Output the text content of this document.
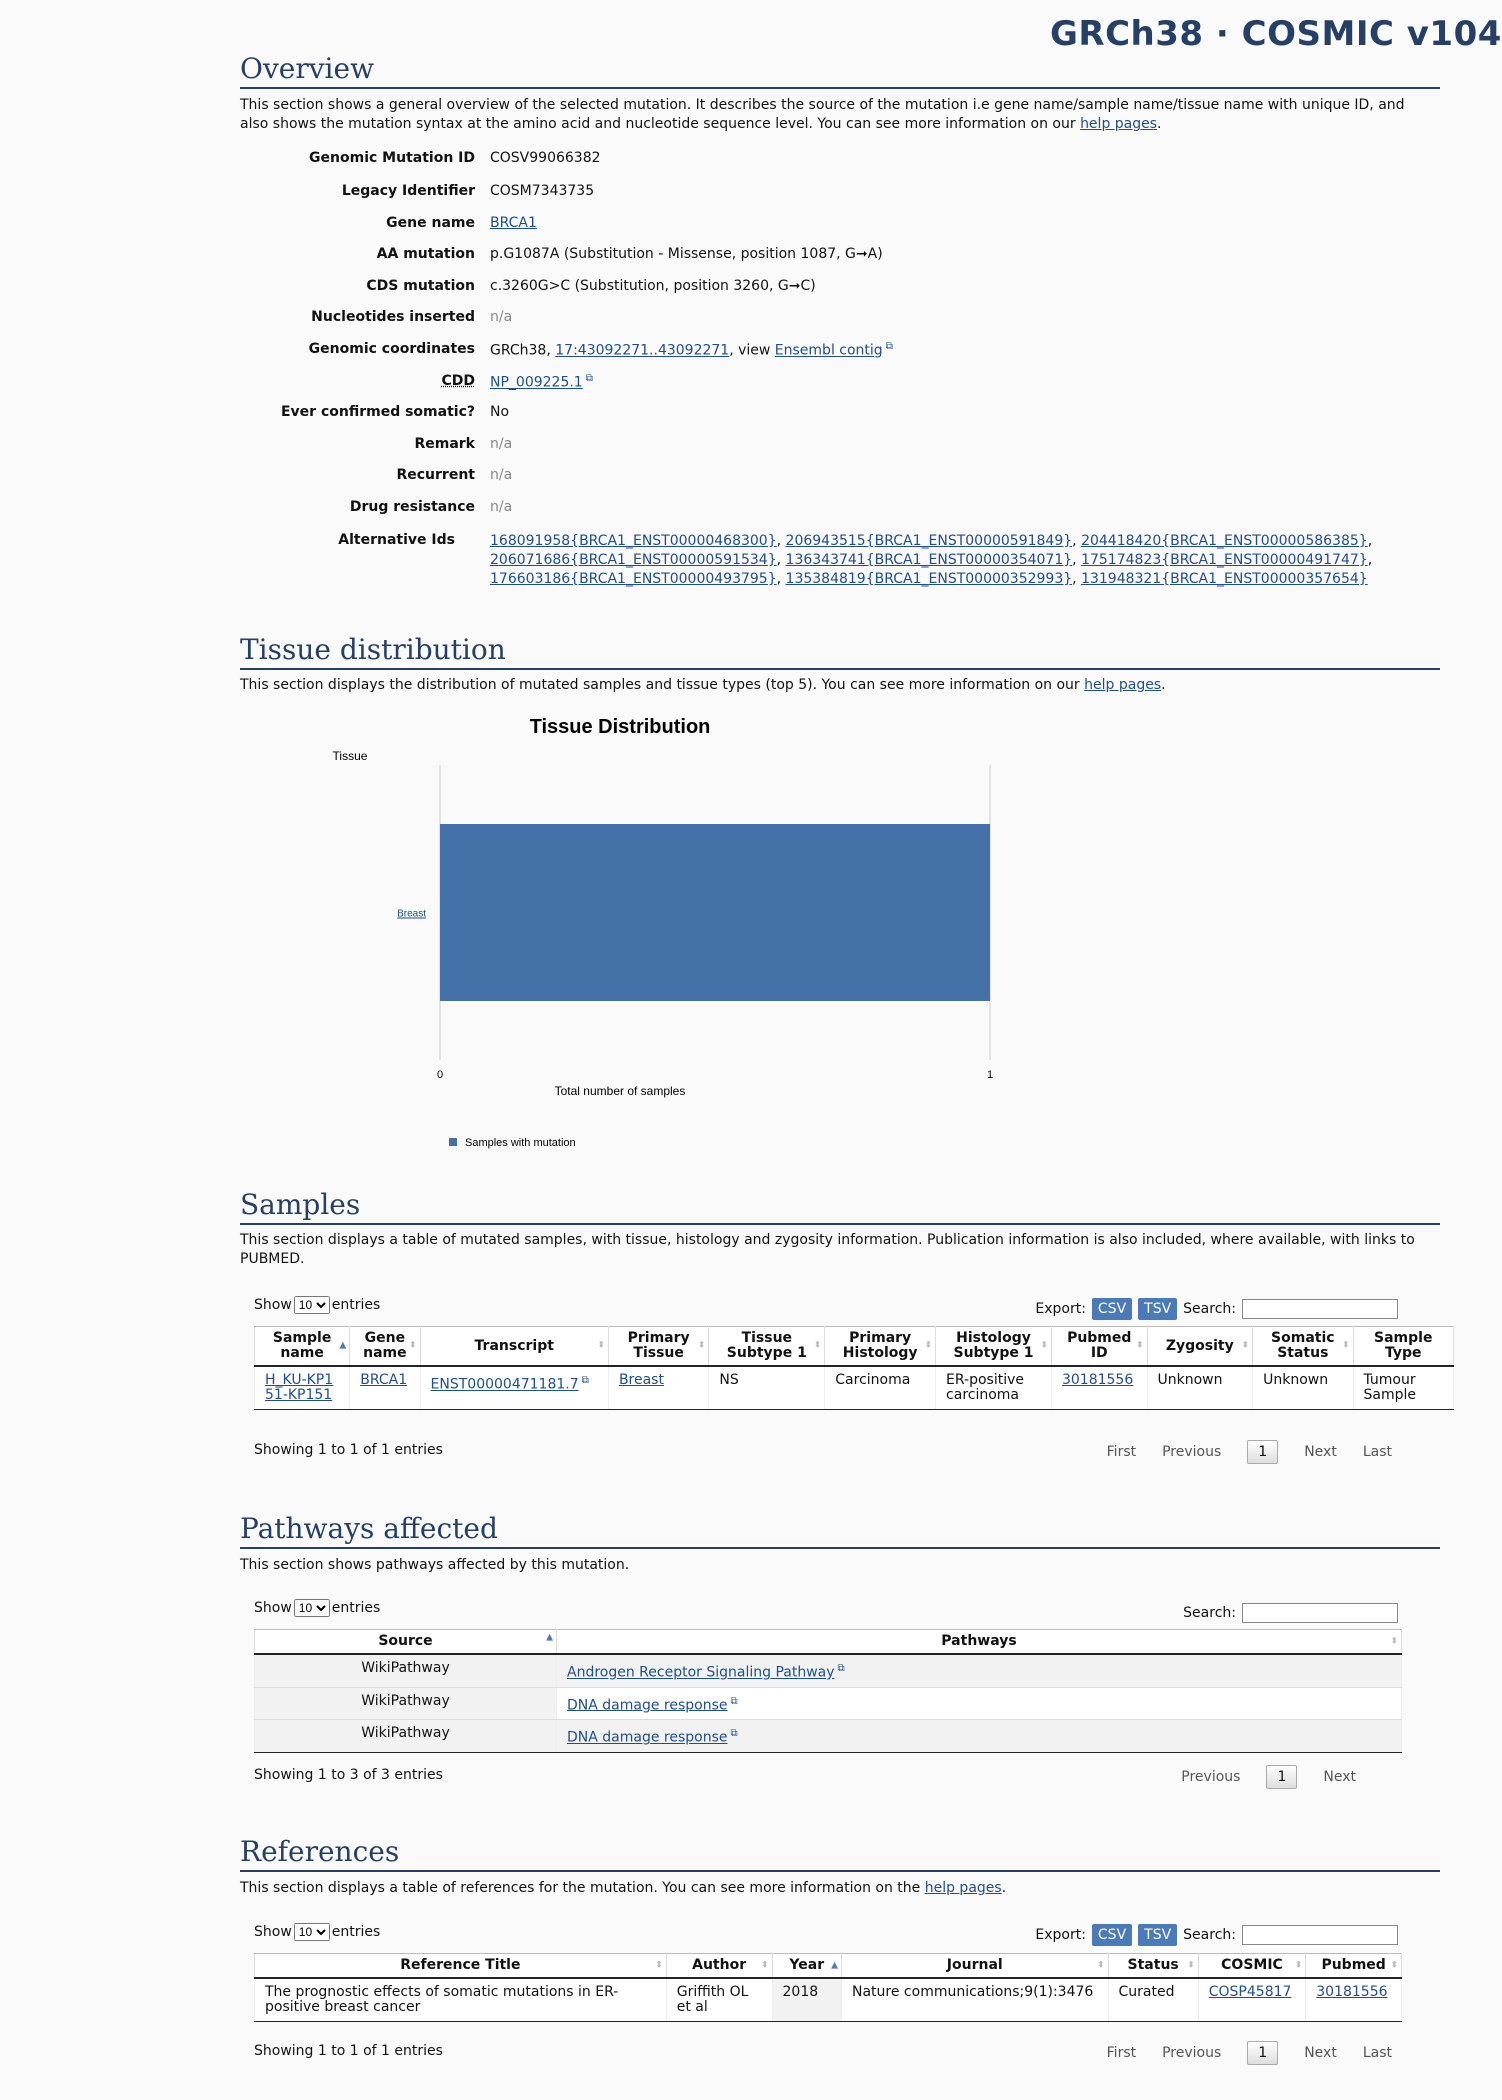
GRCh38 · COSMIC v104
Overview

This section shows a general overview of the selected mutation. It describes the source of the mutation i.e gene name/sample name/tissue name with unique ID, and also shows the mutation syntax at the amino acid and nucleotide sequence level. You can see more information on our help pages.

Genomic Mutation ID COSV99066382
Legacy Identifier COSM7343735
Gene name BRCA1
AA mutation p.G1087A (Substitution - Missense, position 1087, G➞A)
CDS mutation c.3260G>C (Substitution, position 3260, G➞C)
Nucleotides inserted n/a
Genomic coordinates GRCh38, 17:43092271..43092271, view Ensembl contig ⧉
CDD NP_009225.1 ⧉
Ever confirmed somatic? No
Remark n/a
Recurrent n/a
Drug resistance n/a
Alternative Ids	168091958{BRCA1_ENST00000468300}, 206943515{BRCA1_ENST00000591849}, 204418420{BRCA1_ENST00000586385}, 206071686{BRCA1_ENST00000591534}, 136343741{BRCA1_ENST00000354071}, 175174823{BRCA1_ENST00000491747}, 176603186{BRCA1_ENST00000493795}, 135384819{BRCA1_ENST00000352993}, 131948321{BRCA1_ENST00000357654}
Tissue distribution

This section displays the distribution of mutated samples and tissue types (top 5). You can see more information on our help pages.

Tissue Distribution
Tissue
Breast
0	1
Total number of samples
Samples with mutation
Samples

This section displays a table of mutated samples, with tissue, histology and zygosity information. Publication information is also included, where available, with links to PUBMED.

Show
10	entries	Export: CSV	TSV Search:
Sample name ▲	Gene name ⬍	Transcript ⬍	Primary Tissue ⬍	Tissue Subtype 1 ⬍	Primary Histology ⬍	Histology Subtype 1 ⬍	Pubmed ID ⬍	Zygosity ⬍	Somatic Status ⬍	Sample Type
H_KU-KP151-KP151	BRCA1	ENST00000471181.7 ⧉	Breast	NS	Carcinoma	ER-positive carcinoma	30181556	Unknown	Unknown	Tumour Sample
Showing 1 to 1 of 1 entries	First Previous	1	Next Last
Pathways affected

This section shows pathways affected by this mutation.

Show
10	entries	Search:
Source ▲	Pathways ⬍

WikiPathway	Androgen Receptor Signaling Pathway ⧉
WikiPathway	DNA damage response ⧉
WikiPathway	DNA damage response ⧉
Showing 1 to 3 of 3 entries	Previous	1	Next
References

This section displays a table of references for the mutation. You can see more information on the help pages.

Show
10	entries	Export: CSV	TSV Search:
Reference Title ⬍	Author ⬍	Year ▲	Journal ⬍	Status ⬍	COSMIC ⬍	Pubmed ⬍

The prognostic effects of somatic mutations in ER-positive breast cancer	Griffith OL et al	2018	Nature communications;9(1):3476	Curated	COSP45817	30181556
Showing 1 to 1 of 1 entries	First Previous	1	Next Last
